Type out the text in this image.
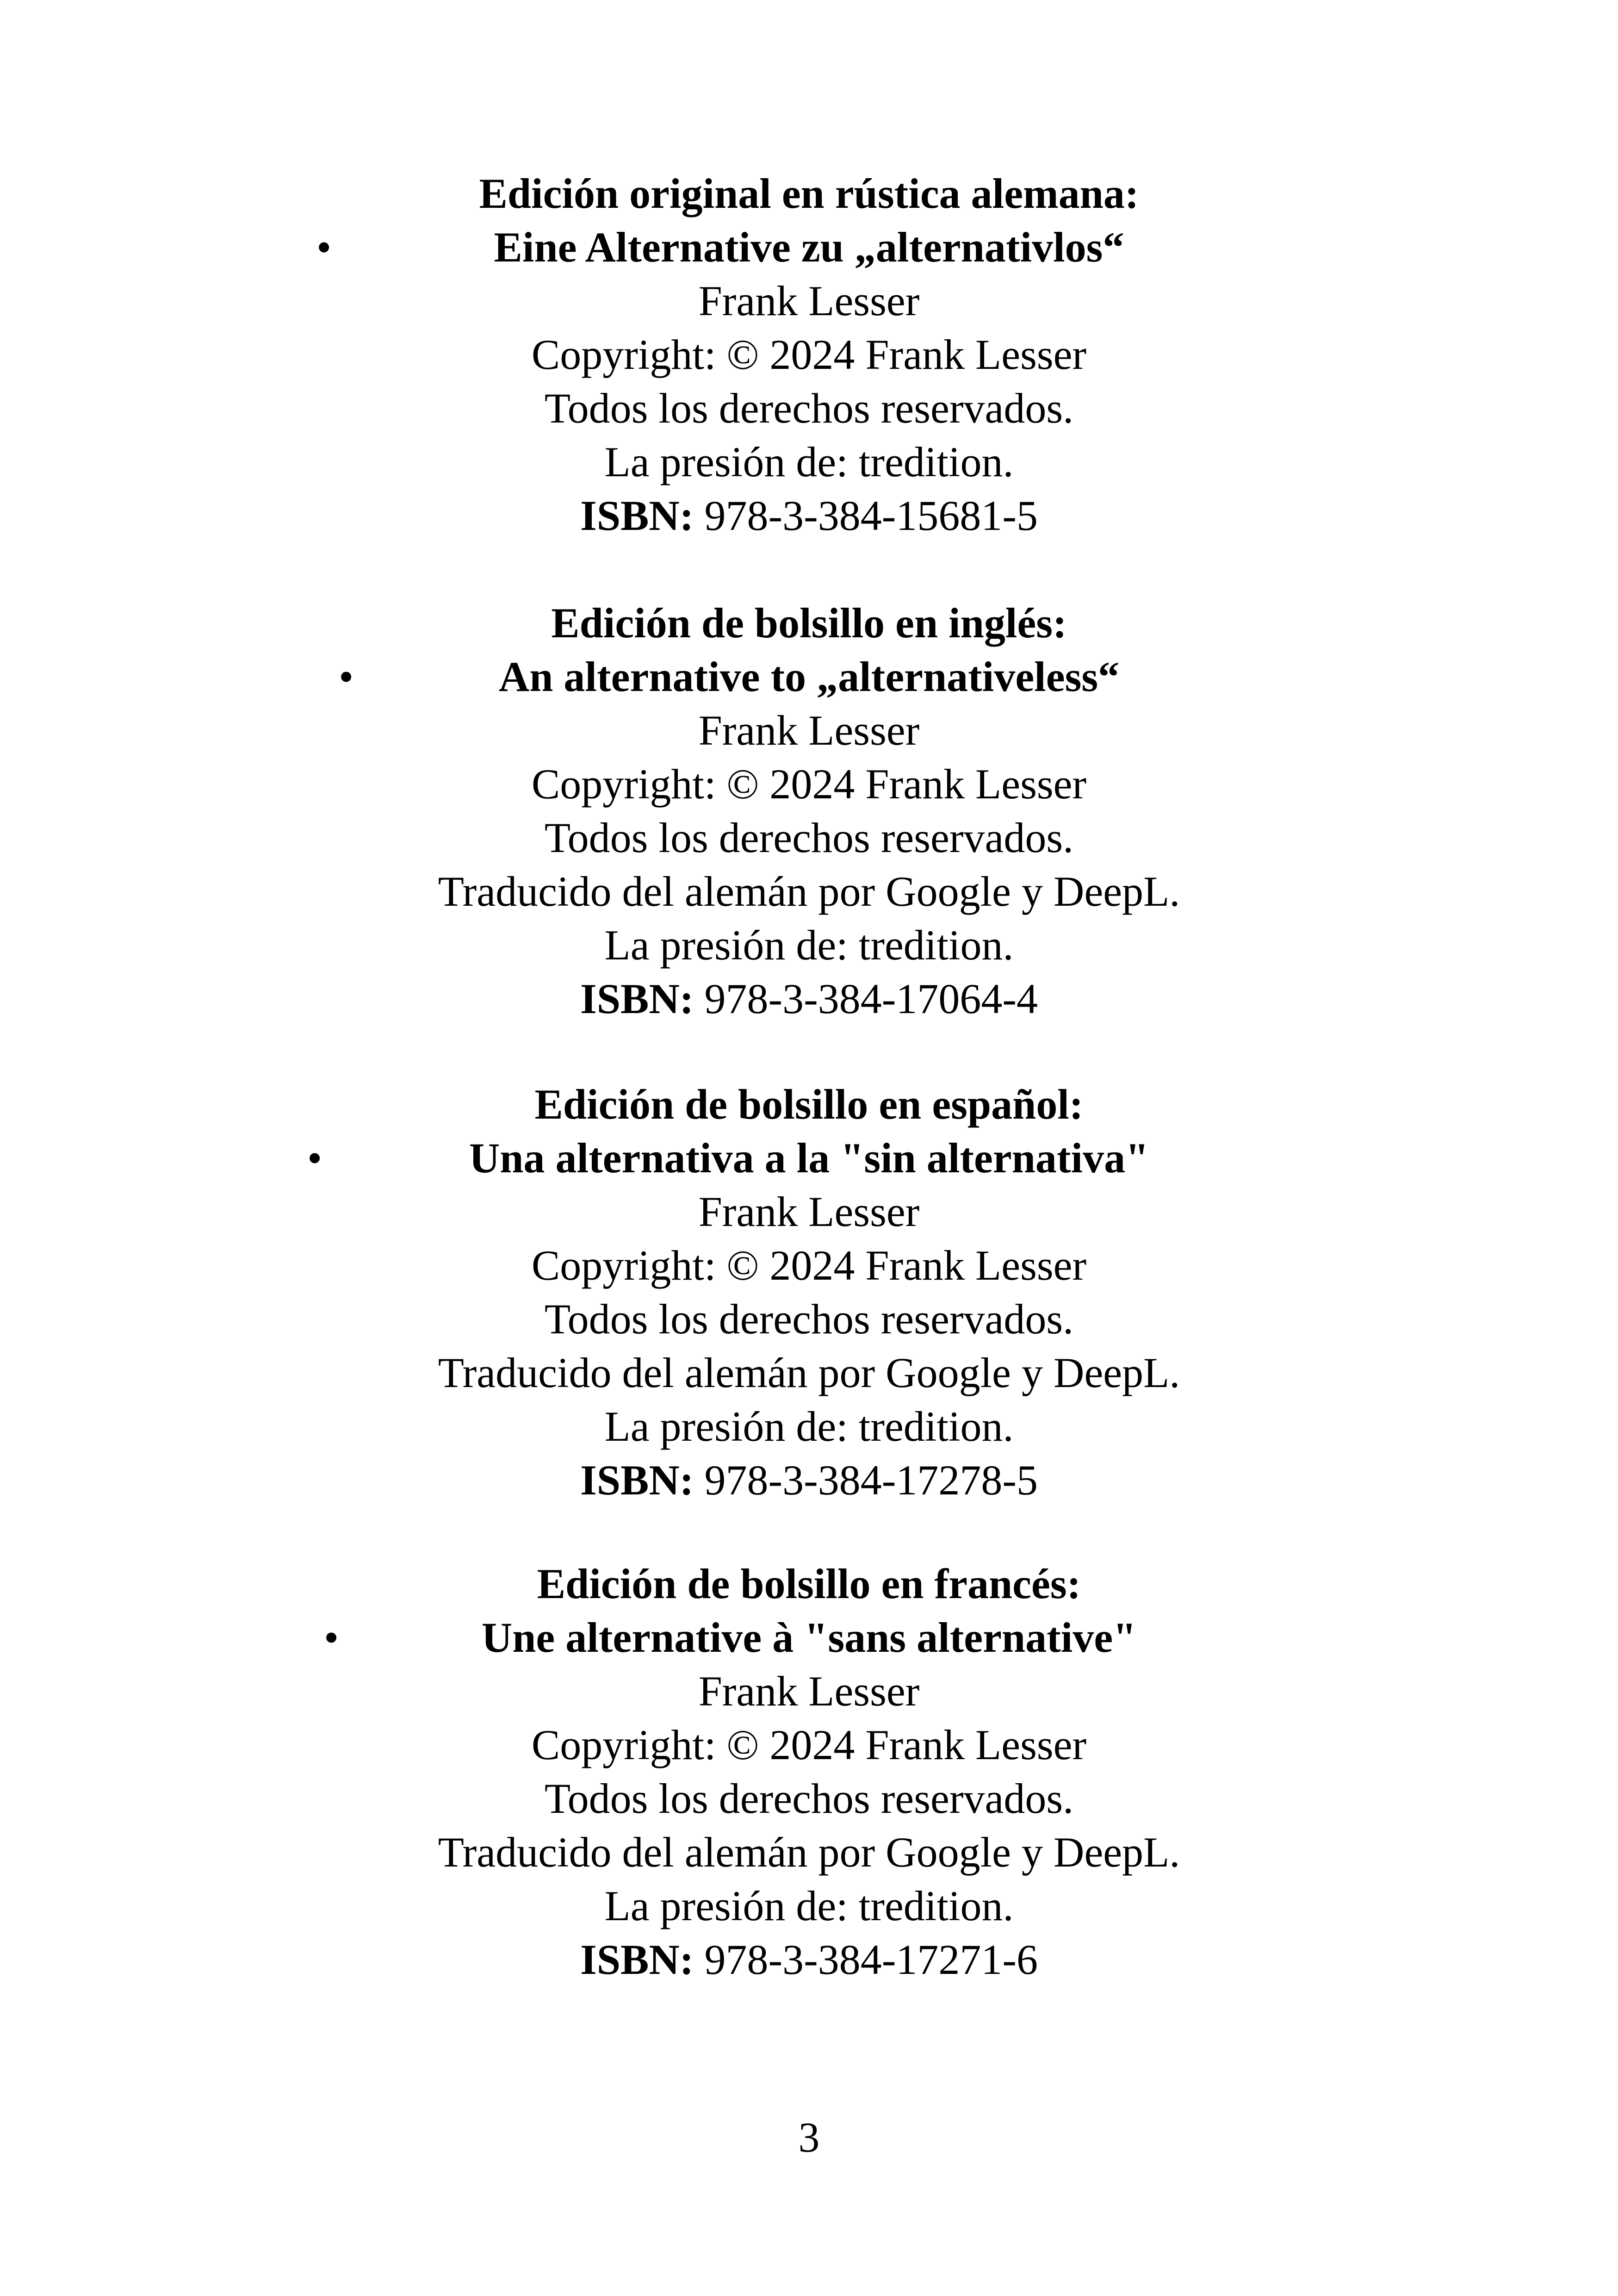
Edición original en rústica alemana:
•	Eine Alternative zu „alternativlos“
Frank Lesser
Copyright: © 2024 Frank Lesser
Todos los derechos reservados.
La presión de: tredition.
ISBN: 978-3-384-15681-5
Edición de bolsillo en inglés:
•	An alternative to „alternativeless“
Frank Lesser
Copyright: © 2024 Frank Lesser
Todos los derechos reservados.
Traducido del alemán por Google y DeepL.
La presión de: tredition.
ISBN: 978-3-384-17064-4
Edición de bolsillo en español:
•	Una alternativa a la "sin alternativa"
Frank Lesser
Copyright: © 2024 Frank Lesser
Todos los derechos reservados.
Traducido del alemán por Google y DeepL.
La presión de: tredition.
ISBN: 978-3-384-17278-5
Edición de bolsillo en francés:
•	Une alternative à "sans alternative"
Frank Lesser
Copyright: © 2024 Frank Lesser
Todos los derechos reservados.
Traducido del alemán por Google y DeepL.
La presión de: tredition.
ISBN: 978-3-384-17271-6
3
